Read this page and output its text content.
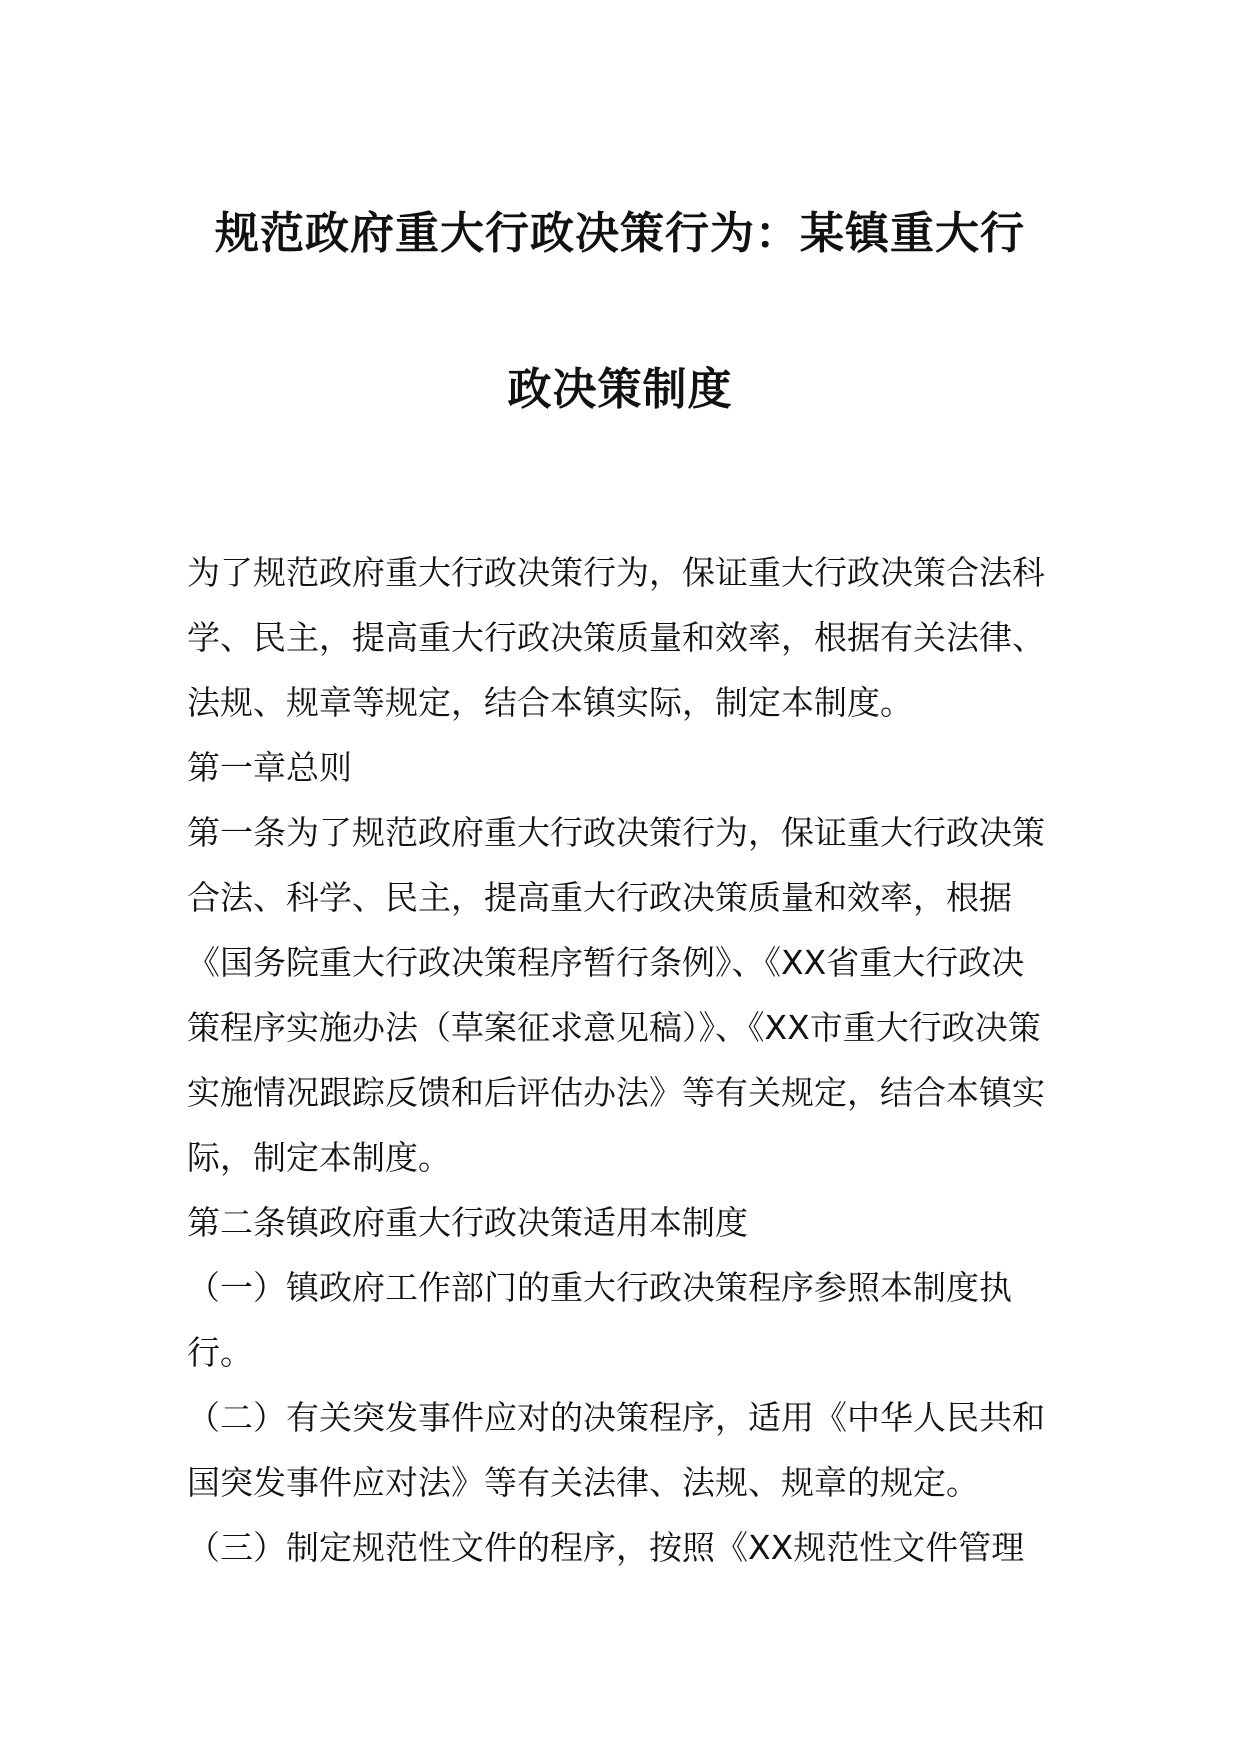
规范政府重大行政决策行为：某镇重大行
政决策制度

为了规范政府重大行政决策行为，保证重大行政决策合法科学、民主，提高重大行政决策质量和效率，根据有关法律、法规、规章等规定，结合本镇实际，制定本制度。

第一章总则

第一条为了规范政府重大行政决策行为，保证重大行政决策合法、科学、民主，提高重大行政决策质量和效率，根据《国务院重大行政决策程序暂行条例》、《XX省重大行政决策程序实施办法（草案征求意见稿）》、《XX市重大行政决策实施情况跟踪反馈和后评估办法》等有关规定，结合本镇实际，制定本制度。

第二条镇政府重大行政决策适用本制度

（一）镇政府工作部门的重大行政决策程序参照本制度执行。

（二）有关突发事件应对的决策程序，适用《中华人民共和国突发事件应对法》等有关法律、法规、规章的规定。

（三）制定规范性文件的程序，按照《XX规范性文件管理
